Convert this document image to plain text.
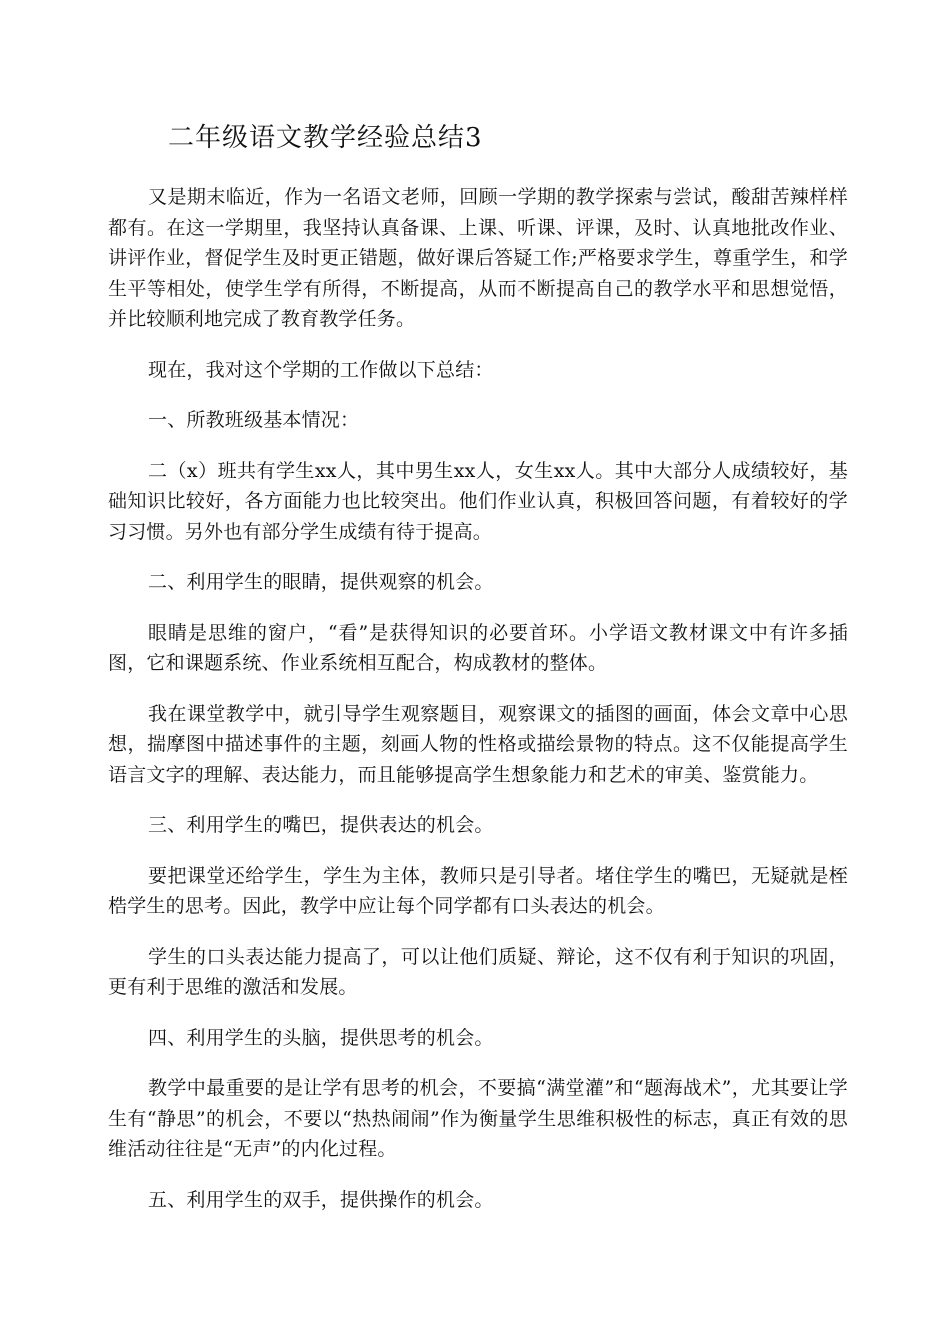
二年级语文教学经验总结3

又是期末临近，作为一名语文老师，回顾一学期的教学探索与尝试，酸甜苦辣样样都有。在这一学期里，我坚持认真备课、上课、听课、评课，及时、认真地批改作业、讲评作业，督促学生及时更正错题，做好课后答疑工作;严格要求学生，尊重学生，和学生平等相处，使学生学有所得，不断提高，从而不断提高自己的教学水平和思想觉悟，并比较顺利地完成了教育教学任务。

现在，我对这个学期的工作做以下总结：

一、所教班级基本情况：

二（x）班共有学生xx人，其中男生xx人，女生xx人。其中大部分人成绩较好，基础知识比较好，各方面能力也比较突出。他们作业认真，积极回答问题，有着较好的学习习惯。另外也有部分学生成绩有待于提高。

二、利用学生的眼睛，提供观察的机会。

眼睛是思维的窗户，“看”是获得知识的必要首环。小学语文教材课文中有许多插图，它和课题系统、作业系统相互配合，构成教材的整体。

我在课堂教学中，就引导学生观察题目，观察课文的插图的画面，体会文章中心思想，揣摩图中描述事件的主题，刻画人物的性格或描绘景物的特点。这不仅能提高学生语言文字的理解、表达能力，而且能够提高学生想象能力和艺术的审美、鉴赏能力。

三、利用学生的嘴巴，提供表达的机会。

要把课堂还给学生，学生为主体，教师只是引导者。堵住学生的嘴巴，无疑就是桎梏学生的思考。因此，教学中应让每个同学都有口头表达的机会。

学生的口头表达能力提高了，可以让他们质疑、辩论，这不仅有利于知识的巩固，更有利于思维的激活和发展。

四、利用学生的头脑，提供思考的机会。

教学中最重要的是让学有思考的机会，不要搞“满堂灌”和“题海战术”，尤其要让学生有“静思”的机会，不要以“热热闹闹”作为衡量学生思维积极性的标志，真正有效的思维活动往往是“无声”的内化过程。

五、利用学生的双手，提供操作的机会。
